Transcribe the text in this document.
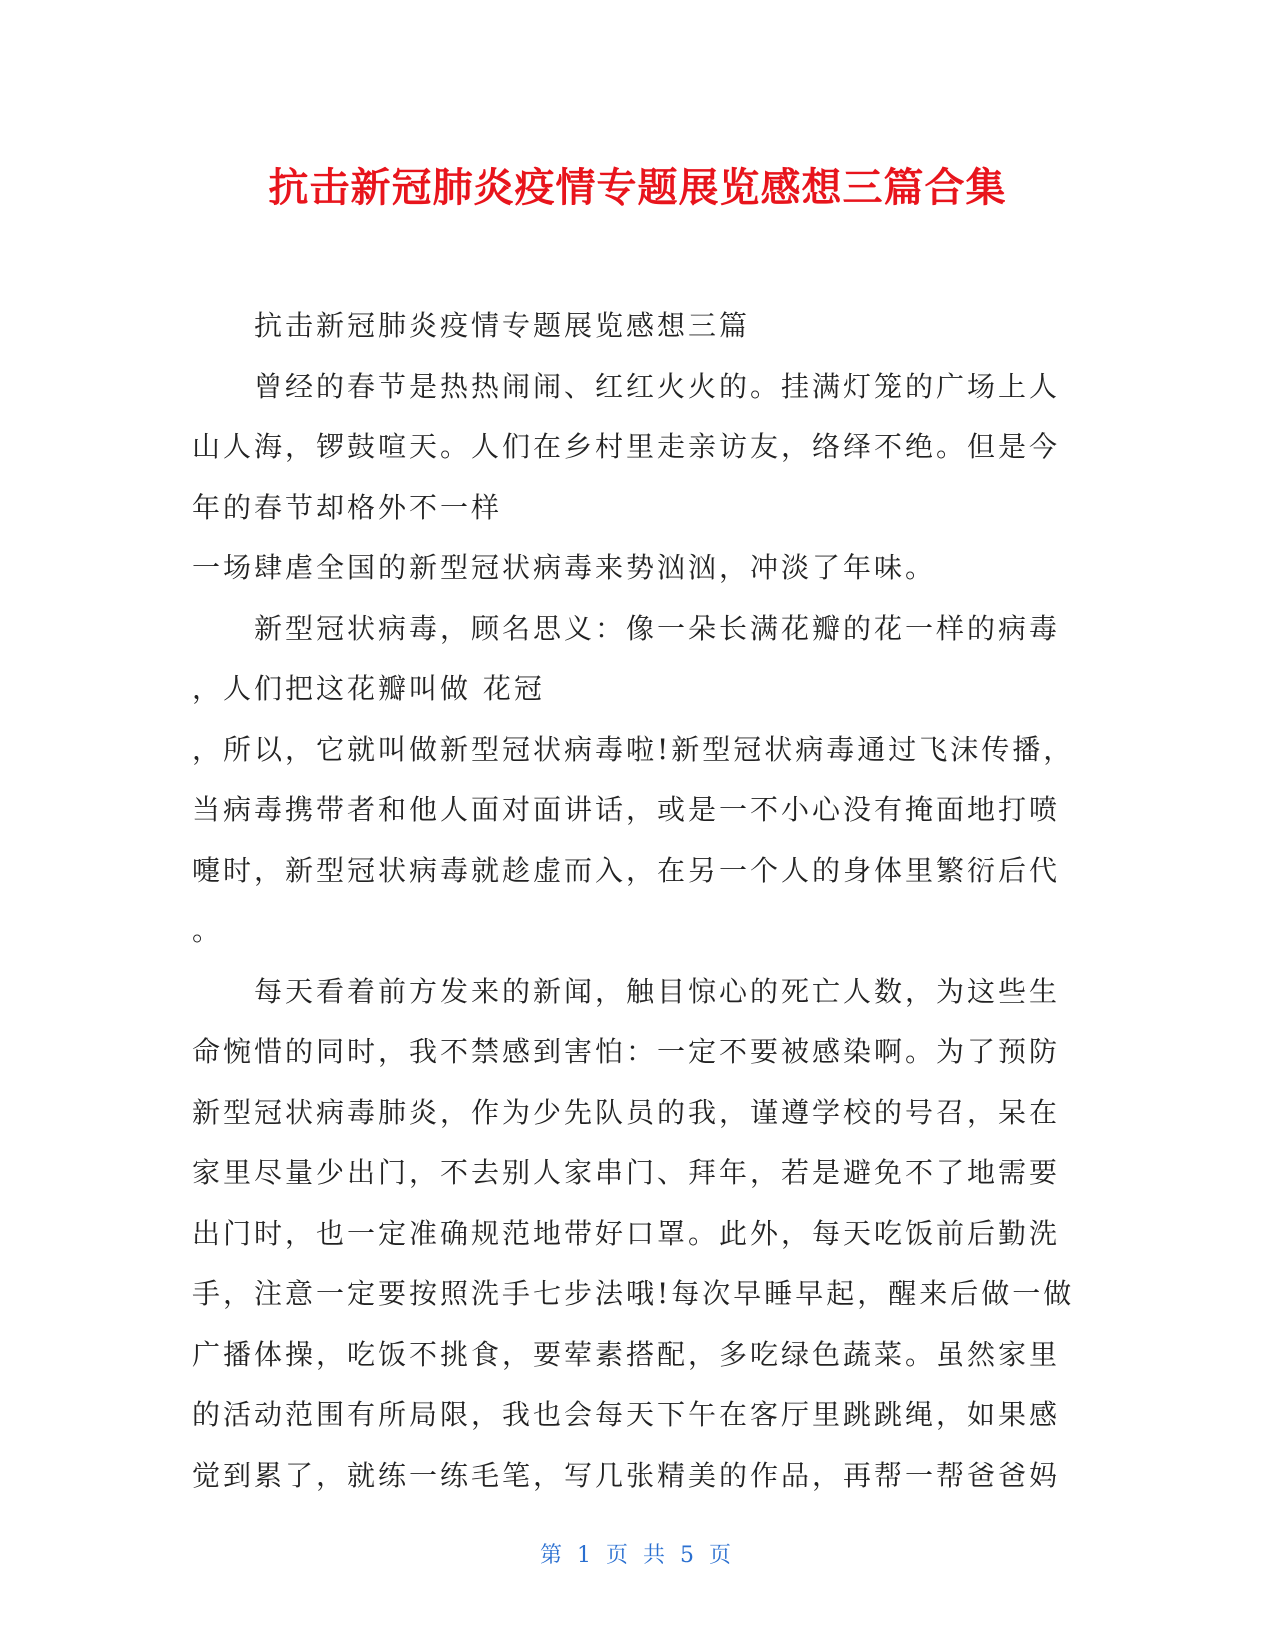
抗击新冠肺炎疫情专题展览感想三篇合集
抗击新冠肺炎疫情专题展览感想三篇
曾经的春节是热热闹闹、红红火火的。挂满灯笼的广场上人
山人海，锣鼓喧天。人们在乡村里走亲访友，络绎不绝。但是今
年的春节却格外不一样
一场肆虐全国的新型冠状病毒来势汹汹，冲淡了年味。
新型冠状病毒，顾名思义：像一朵长满花瓣的花一样的病毒
，人们把这花瓣叫做 花冠
，所以，它就叫做新型冠状病毒啦!新型冠状病毒通过飞沫传播，
当病毒携带者和他人面对面讲话，或是一不小心没有掩面地打喷
嚏时，新型冠状病毒就趁虚而入，在另一个人的身体里繁衍后代
。
每天看着前方发来的新闻，触目惊心的死亡人数，为这些生
命惋惜的同时，我不禁感到害怕：一定不要被感染啊。为了预防
新型冠状病毒肺炎，作为少先队员的我，谨遵学校的号召，呆在
家里尽量少出门，不去别人家串门、拜年，若是避免不了地需要
出门时，也一定准确规范地带好口罩。此外，每天吃饭前后勤洗
手，注意一定要按照洗手七步法哦!每次早睡早起，醒来后做一做
广播体操，吃饭不挑食，要荤素搭配，多吃绿色蔬菜。虽然家里
的活动范围有所局限，我也会每天下午在客厅里跳跳绳，如果感
觉到累了，就练一练毛笔，写几张精美的作品，再帮一帮爸爸妈
第 1 页 共 5 页
